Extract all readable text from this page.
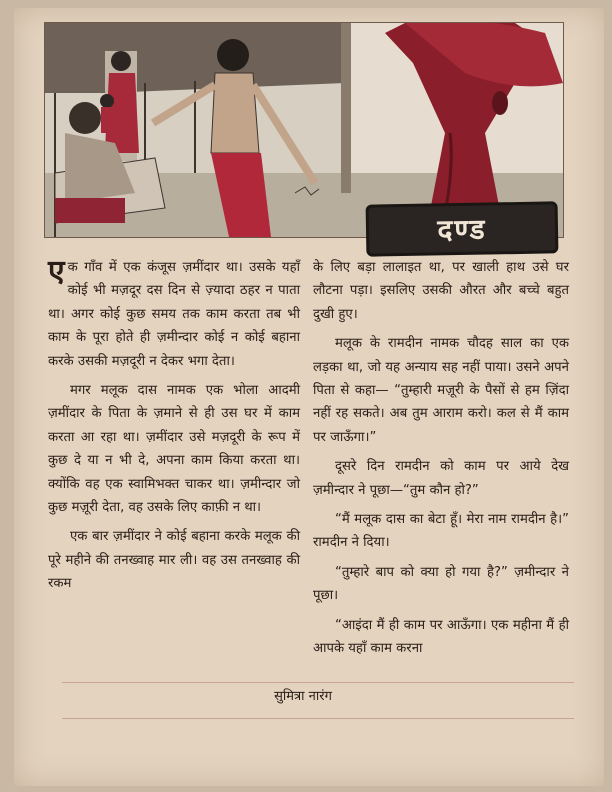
दण्ड

एक गाँव में एक कंजूस ज़मींदार था। उसके यहाँ कोई भी मज़दूर दस दिन से ज़्यादा ठहर न पाता था। अगर कोई कुछ समय तक काम करता तब भी काम के पूरा होते ही ज़मीन्दार कोई न कोई बहाना करके उसकी मज़दूरी न देकर भगा देता।

मगर मलूक दास नामक एक भोला आदमी ज़मींदार के पिता के ज़माने से ही उस घर में काम करता आ रहा था। ज़मींदार उसे मज़दूरी के रूप में कुछ दे या न भी दे, अपना काम किया करता था। क्योंकि वह एक स्वामिभक्त चाकर था। ज़मीन्दार जो कुछ मज़ूरी देता, वह उसके लिए काफ़ी न था।

एक बार ज़मींदार ने कोई बहाना करके मलूक की पूरे महीने की तनख्वाह मार ली। वह उस तनख्वाह की रकम

के लिए बड़ा लालाइत था, पर खाली हाथ उसे घर लौटना पड़ा। इसलिए उसकी औरत और बच्चे बहुत दुखी हुए।

मलूक के रामदीन नामक चौदह साल का एक लड़का था, जो यह अन्याय सह नहीं पाया। उसने अपने पिता से कहा— “तुम्हारी मज़ूरी के पैसों से हम ज़िंदा नहीं रह सकते। अब तुम आराम करो। कल से मैं काम पर जाऊँगा।”

दूसरे दिन रामदीन को काम पर आये देख ज़मीन्दार ने पूछा—“तुम कौन हो?”

“मैं मलूक दास का बेटा हूँ। मेरा नाम रामदीन है।” रामदीन ने दिया।

“तुम्हारे बाप को क्या हो गया है?” ज़मीन्दार ने पूछा।

“आइंदा मैं ही काम पर आऊँगा। एक महीना मैं ही आपके यहाँ काम करना

सुमित्रा नारंग
